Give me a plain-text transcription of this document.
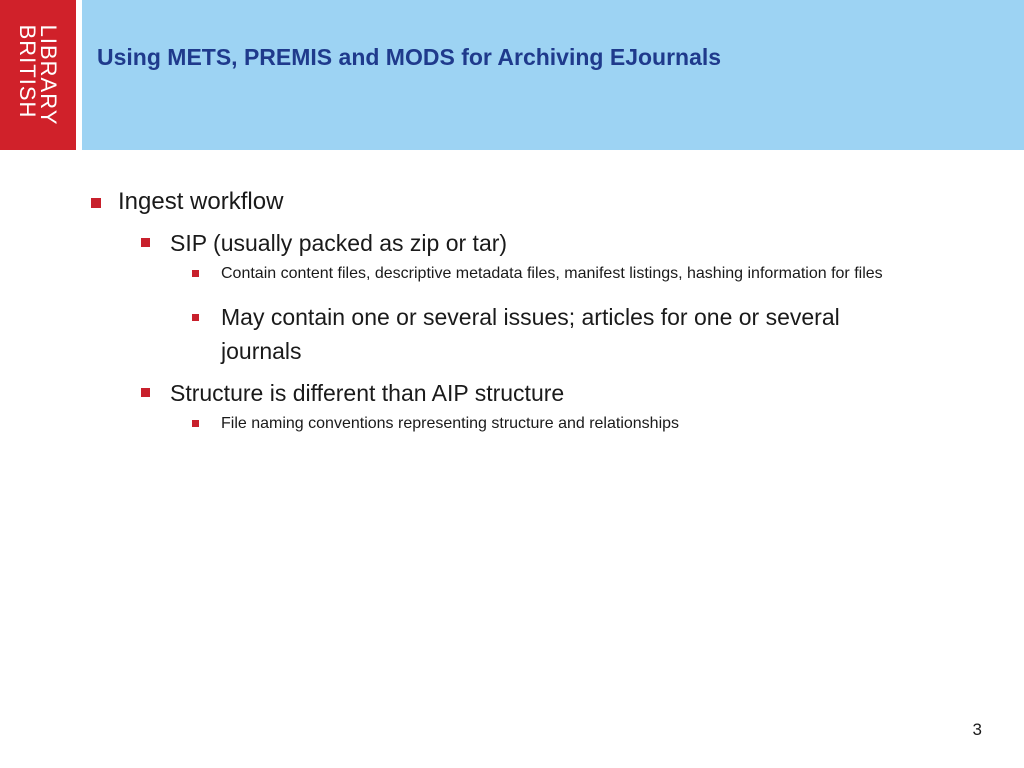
LIBRARY
BRITISH Using METS, PREMIS and MODS for Archiving EJournals
Ingest workflow
SIP (usually packed as zip or tar)
Contain content files, descriptive metadata files, manifest listings, hashing information for files
May contain one or several issues; articles for one or several journals
Structure is different than AIP structure
File naming conventions representing structure and relationships
3
